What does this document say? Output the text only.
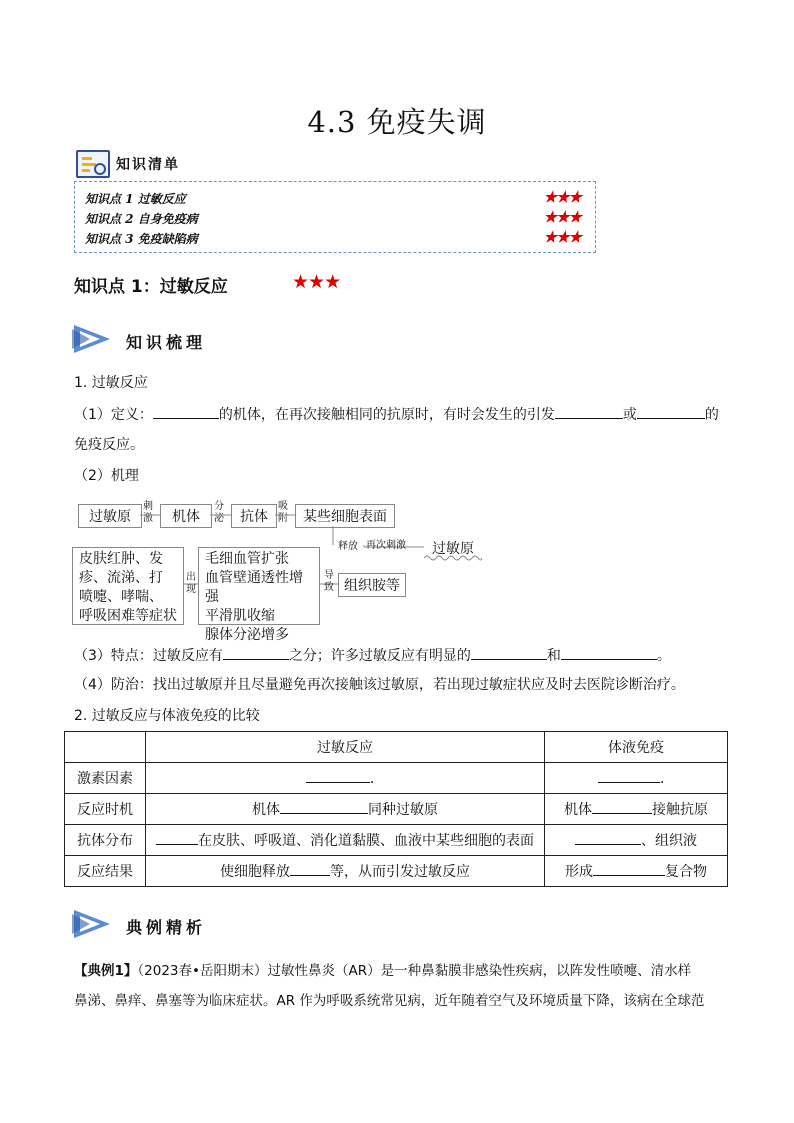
4.3 免疫失调
知识清单
知识点 1 过敏反应	★★★
知识点 2 自身免疫病	★★★
知识点 3 免疫缺陷病	★★★
知识点 1：过敏反应	★★★
知识梳理
1. 过敏反应
（1）定义：	的机体，在再次接触相同的抗原时，有时会发生的引发	或	的
免疫反应。
（2）机理
过敏原
刺激	机体
分泌	抗体
吸附	某些细胞表面
释放 再次刺激	过敏原
组织胺等
导致
毛细血管扩张
血管壁通透性增强
平滑肌收缩
腺体分泌增多
出现
皮肤红肿、发
疹、流涕、打
喷嚏、哮喘、
呼吸困难等症状
（3）特点：过敏反应有	之分；许多过敏反应有明显的	和	。
（4）防治：找出过敏原并且尽量避免再次接触该过敏原，若出现过敏症状应及时去医院诊断治疗。
2. 过敏反应与体液免疫的比较
	过敏反应	体液免疫
激素因素	．	．
反应时机	机体 同种过敏原	机体 接触抗原
抗体分布	在皮肤、呼吸道、消化道黏膜、血液中某些细胞的表面	、组织液
反应结果	使细胞释放 等，从而引发过敏反应	形成 复合物
典例精析
【典例1】（2023春•岳阳期末）过敏性鼻炎（AR）是一种鼻黏膜非感染性疾病，以阵发性喷嚏、清水样
鼻涕、鼻痒、鼻塞等为临床症状。AR 作为呼吸系统常见病，近年随着空气及环境质量下降，该病在全球范
